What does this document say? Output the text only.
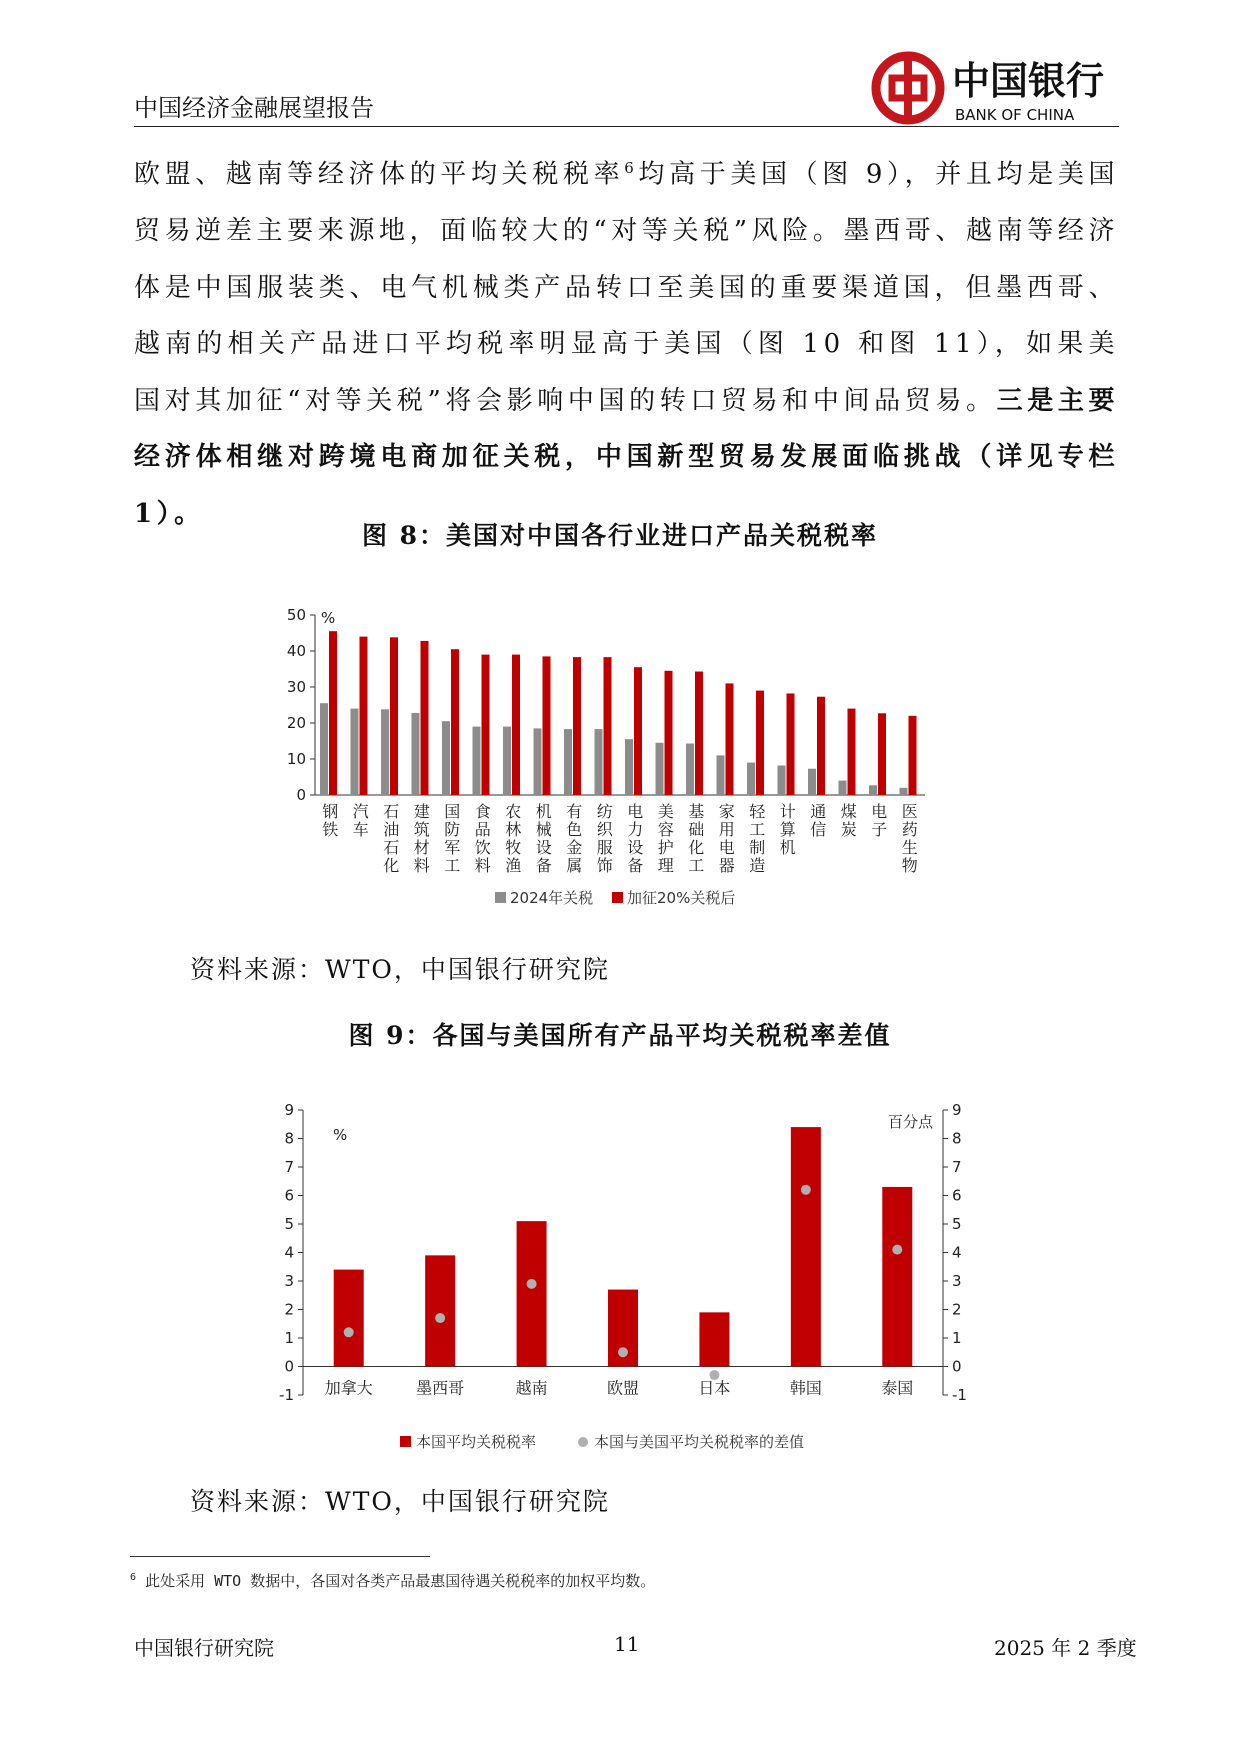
中国经济金融展望报告
中国银行
BANK OF CHINA
欧盟、越南等经济体的平均关税税率$^6$均高于美国（图 9），并且均是美国贸易逆差主要来源地，面临较大的“对等关税”风险。墨西哥、越南等经济体是中国服装类、电气机械类产品转口至美国的重要渠道国，但墨西哥、越南的相关产品进口平均税率明显高于美国（图 10 和图 11），如果美国对其加征“对等关税”将会影响中国的转口贸易和中间品贸易。三是主要经济体相继对跨境电商加征关税，中国新型贸易发展面临挑战（详见专栏 1）。
图 8：美国对中国各行业进口产品关税税率
0
10
20
30
40
50 %
钢铁
汽车
石油石化
建筑材料
国防军工
食品饮料
农林牧渔
机械设备
有色金属
纺织服饰
电力设备
美容护理
基础化工
家用电器
轻工制造
计算机
通信
煤炭
电子
医药生物
2024年关税 加征20%关税后
资料来源：WTO，中国银行研究院
图 9：各国与美国所有产品平均关税税率差值
-1	-1
0	0
1	1
2	2
3	3
4	4
5	5
6	6
7	7
8	8
9	9
%
百分点
加拿大	墨西哥	越南	欧盟	日本	韩国	泰国
本国平均关税税率	本国与美国平均关税税率的差值
资料来源：WTO，中国银行研究院
$^6$ 此处采用 WTO 数据中，各国对各类产品最惠国待遇关税税率的加权平均数。
中国银行研究院	11	2025 年 2 季度
